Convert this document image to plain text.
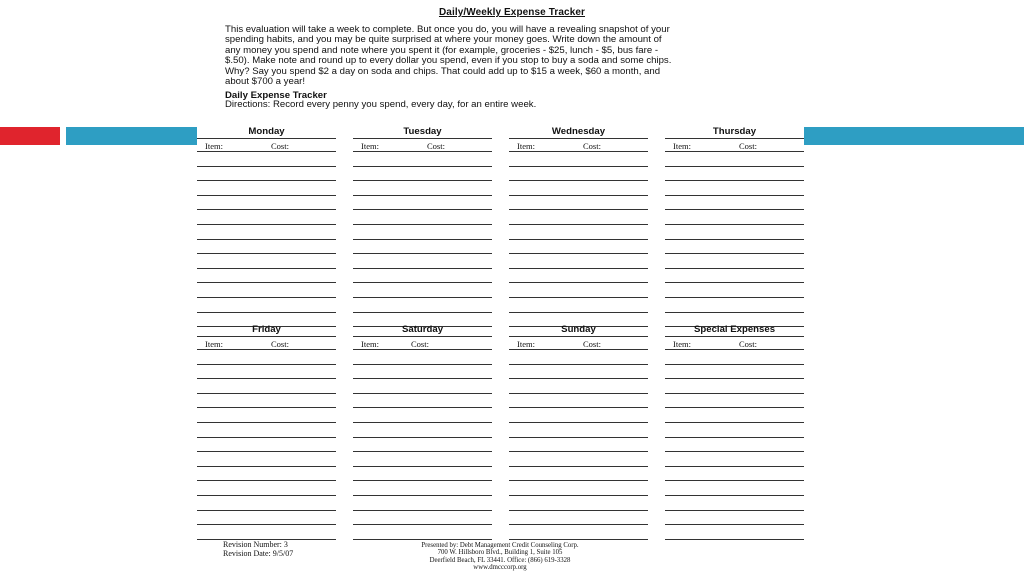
Daily/Weekly Expense Tracker
This evaluation will take a week to complete. But once you do, you will have a revealing snapshot of your
spending habits, and you may be quite surprised at where your money goes. Write down the amount of
any money you spend and note where you spent it (for example, groceries - $25, lunch - $5, bus fare -
$.50). Make note and round up to every dollar you spend, even if you stop to buy a soda and some chips.
Why? Say you spend $2 a day on soda and chips. That could add up to $15 a week, $60 a month, and
about $700 a year!
Daily Expense Tracker
Directions: Record every penny you spend, every day, for an entire week.
Monday
Item:	Cost:
Tuesday
Item:	Cost:
Wednesday
Item:	Cost:
Thursday
Item:	Cost:
Friday
Item:	Cost:
Saturday
Item:	Cost:
Sunday
Item:	Cost:
Special Expenses
Item:	Cost:
Revision Number: 3
Revision Date: 9/5/07
Presented by: Debt Management Credit Counseling Corp.
700 W. Hillsboro Blvd., Building 1, Suite 105
Deerfield Beach, FL 33441. Office: (866) 619-3328
www.dmcccorp.org
